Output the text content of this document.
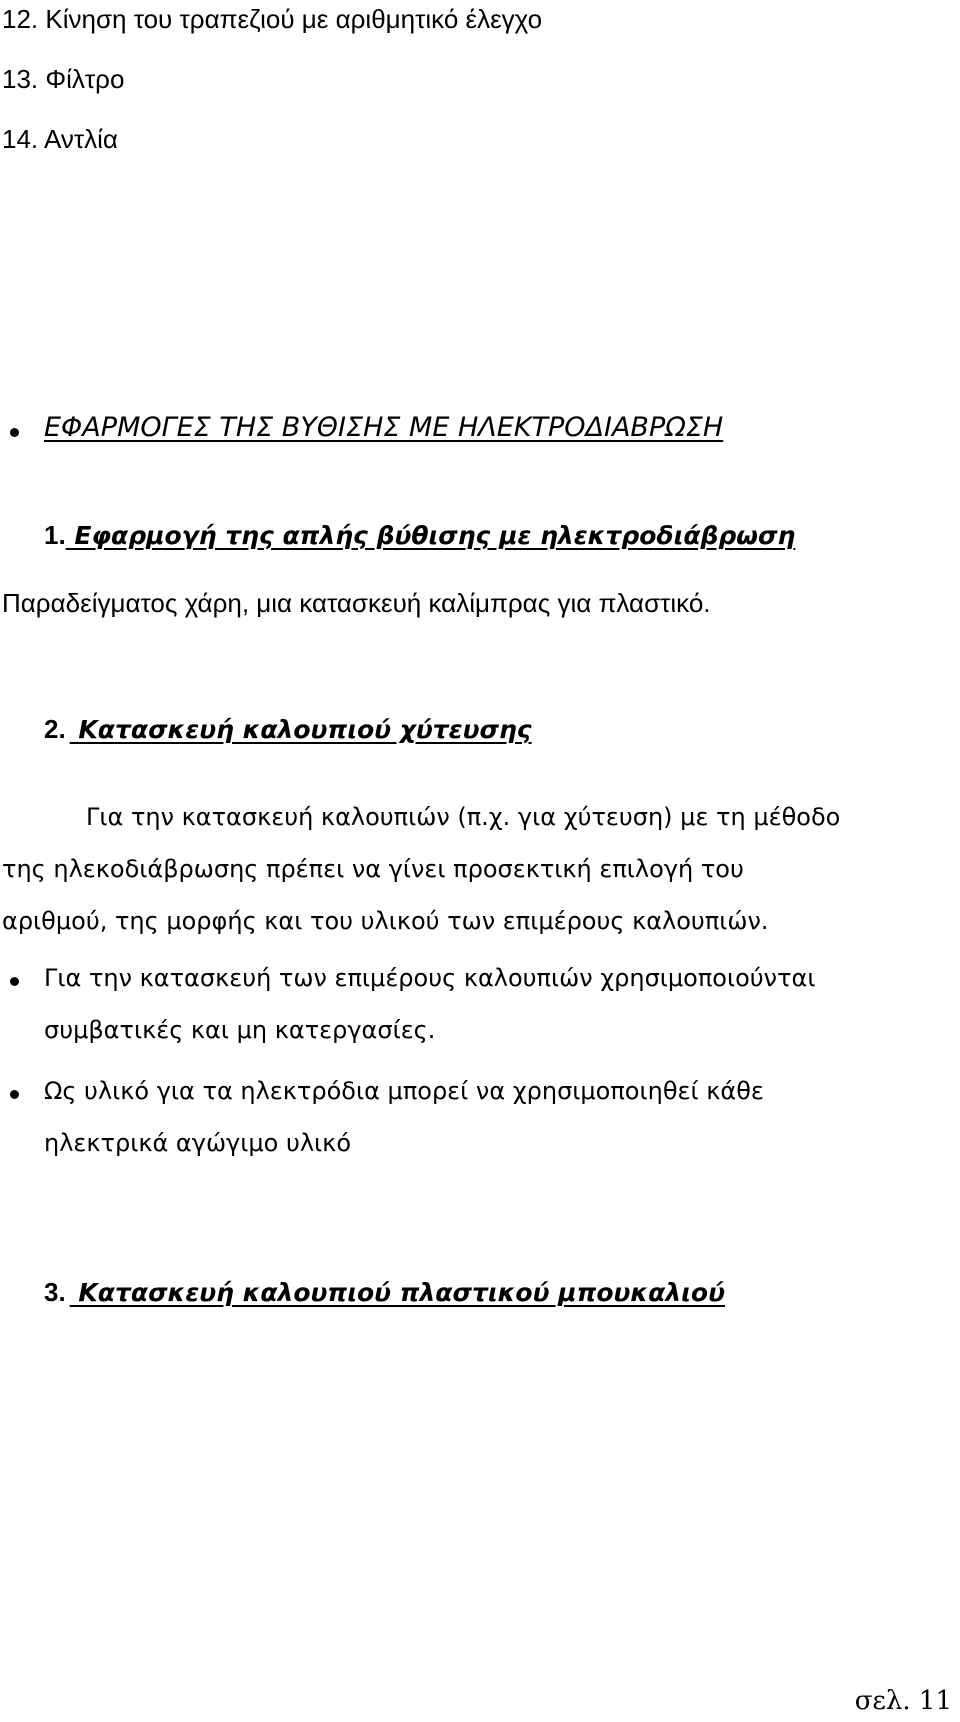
12. Κίνηση του τραπεζιού με αριθμητικό έλεγχο
13. Φίλτρο
14. Αντλία
ΕΦΑΡΜΟΓΕΣ ΤΗΣ ΒΥΘΙΣΗΣ ΜΕ ΗΛΕΚΤΡΟΔΙΑΒΡΩΣΗ
1. Εφαρμογή της απλής βύθισης με ηλεκτροδιάβρωση
Παραδείγματος χάρη, μια κατασκευή καλίμπρας για πλαστικό.
2. Κατασκευή καλουπιού χύτευσης
Για την κατασκευή καλουπιών (π.χ. για χύτευση) με τη μέθοδο
της ηλεκοδιάβρωσης πρέπει να γίνει προσεκτική επιλογή του
αριθμού, της μορφής και του υλικού των επιμέρους καλουπιών.
Για την κατασκευή των επιμέρους καλουπιών χρησιμοποιούνται
συμβατικές και μη κατεργασίες.
Ως υλικό για τα ηλεκτρόδια μπορεί να χρησιμοποιηθεί κάθε
ηλεκτρικά αγώγιμο υλικό
3. Κατασκευή καλουπιού πλαστικού μπουκαλιού
σελ. 11
